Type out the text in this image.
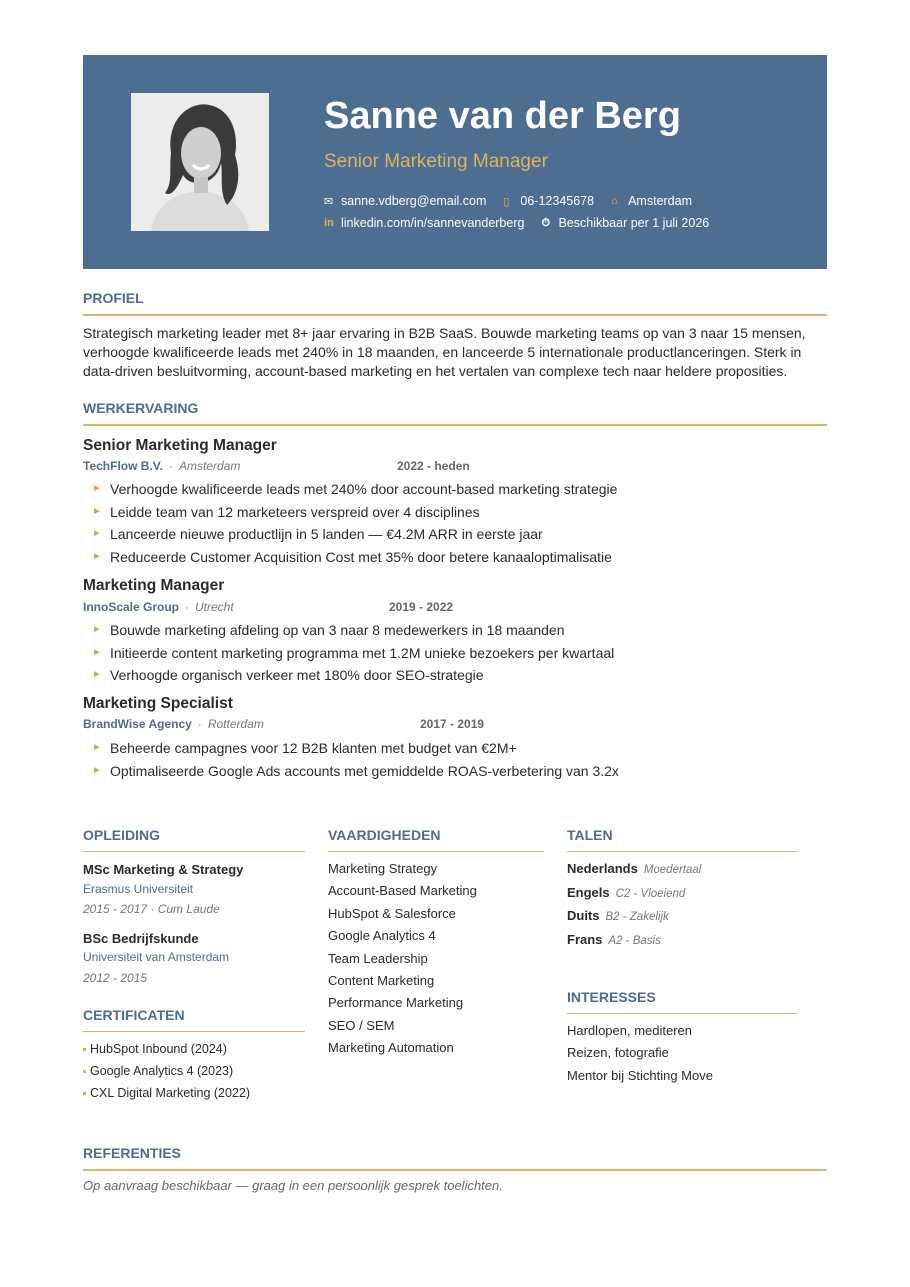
Sanne van der Berg
Senior Marketing Manager
✉ sanne.vdberg@email.com ▯ 06-12345678 ⌂ Amsterdam
in linkedin.com/in/sannevanderberg ⏱ Beschikbaar per 1 juli 2026
PROFIEL
Strategisch marketing leader met 8+ jaar ervaring in B2B SaaS. Bouwde marketing teams op van 3 naar 15 mensen, verhoogde kwalificeerde leads met 240% in 18 maanden, en lanceerde 5 internationale productlanceringen. Sterk in data-driven besluitvorming, account-based marketing en het vertalen van complexe tech naar heldere proposities.
WERKERVARING
Senior Marketing Manager
TechFlow B.V. · Amsterdam	2022 - heden
► Verhoogde kwalificeerde leads met 240% door account-based marketing strategie
► Leidde team van 12 marketeers verspreid over 4 disciplines
► Lanceerde nieuwe productlijn in 5 landen — €4.2M ARR in eerste jaar
► Reduceerde Customer Acquisition Cost met 35% door betere kanaaloptimalisatie
Marketing Manager
InnoScale Group · Utrecht	2019 - 2022
► Bouwde marketing afdeling op van 3 naar 8 medewerkers in 18 maanden
► Initieerde content marketing programma met 1.2M unieke bezoekers per kwartaal
► Verhoogde organisch verkeer met 180% door SEO-strategie
Marketing Specialist
BrandWise Agency · Rotterdam	2017 - 2019
► Beheerde campagnes voor 12 B2B klanten met budget van €2M+
► Optimaliseerde Google Ads accounts met gemiddelde ROAS-verbetering van 3.2x
OPLEIDING
MSc Marketing & Strategy
Erasmus Universiteit
2015 - 2017 · Cum Laude
BSc Bedrijfskunde
Universiteit van Amsterdam
2012 - 2015
CERTIFICATEN
HubSpot Inbound (2024)
Google Analytics 4 (2023)
CXL Digital Marketing (2022)
VAARDIGHEDEN
Marketing Strategy
Account-Based Marketing
HubSpot & Salesforce
Google Analytics 4
Team Leadership
Content Marketing
Performance Marketing
SEO / SEM
Marketing Automation
TALEN
Nederlands Moedertaal
Engels C2 - Vloeiend
Duits B2 - Zakelijk
Frans A2 - Basis
INTERESSES
Hardlopen, mediteren
Reizen, fotografie
Mentor bij Stichting Move
REFERENTIES
Op aanvraag beschikbaar — graag in een persoonlijk gesprek toelichten.
